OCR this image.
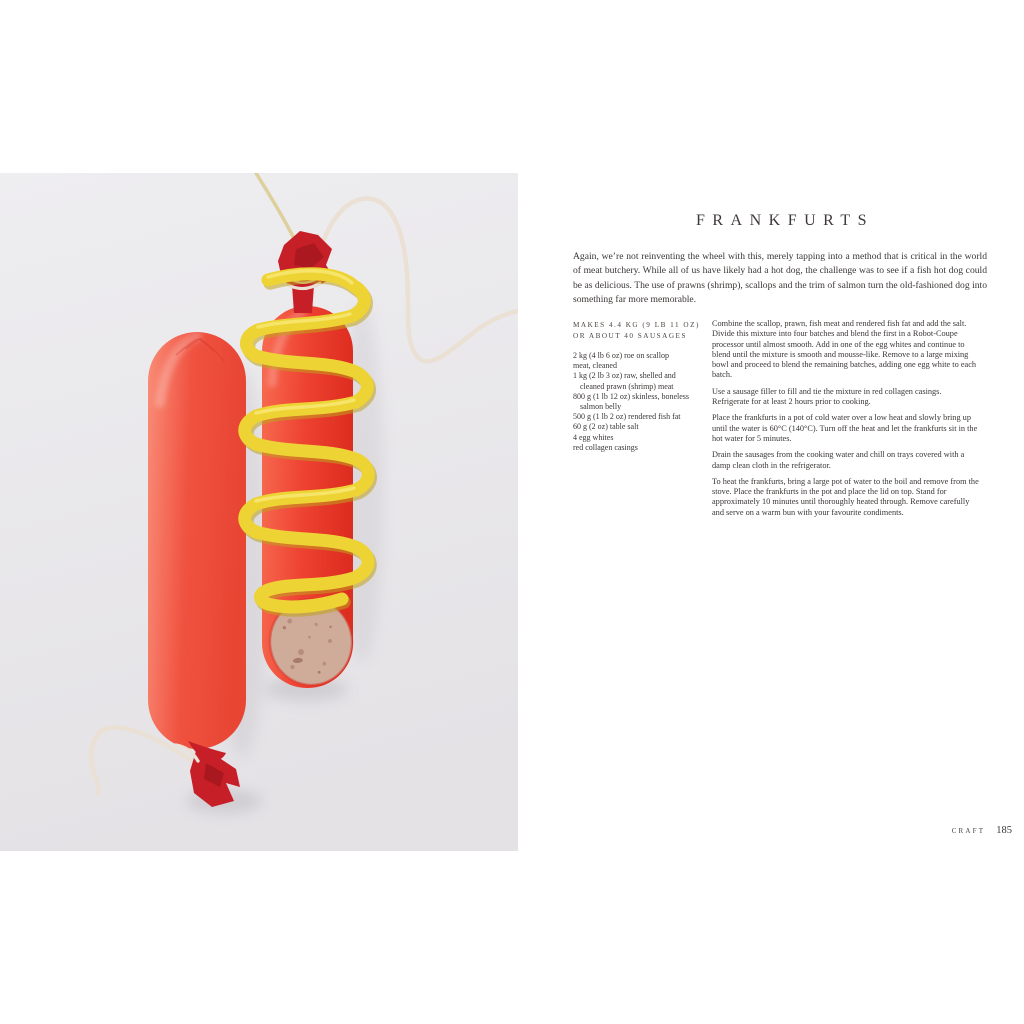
FRANKFURTS
Again, we’re not reinventing the wheel with this, merely tapping into a method that is critical in the world of meat butchery. While all of us have likely had a hot dog, the challenge was to see if a fish hot dog could be as delicious. The use of prawns (shrimp), scallops and the trim of salmon turn the old-fashioned dog into something far more memorable.
MAKES 4.4 KG (9 LB 11 OZ)
OR ABOUT 40 SAUSAGES
2 kg (4 lb 6 oz) roe on scallop
meat, cleaned
1 kg (2 lb 3 oz) raw, shelled and
cleaned prawn (shrimp) meat
800 g (1 lb 12 oz) skinless, boneless
salmon belly
500 g (1 lb 2 oz) rendered fish fat
60 g (2 oz) table salt
4 egg whites
red collagen casings

Combine the scallop, prawn, fish meat and rendered fish fat and add the salt. Divide this mixture into four batches and blend the first in a Robot-Coupe processor until almost smooth. Add in one of the egg whites and continue to blend until the mixture is smooth and mousse-like. Remove to a large mixing bowl and proceed to blend the remaining batches, adding one egg white to each batch.

Use a sausage filler to fill and tie the mixture in red collagen casings. Refrigerate for at least 2 hours prior to cooking.

Place the frankfurts in a pot of cold water over a low heat and slowly bring up until the water is 60°C (140°C). Turn off the heat and let the frankfurts sit in the hot water for 5 minutes.

Drain the sausages from the cooking water and chill on trays covered with a damp clean cloth in the refrigerator.

To heat the frankfurts, bring a large pot of water to the boil and remove from the stove. Place the frankfurts in the pot and place the lid on top. Stand for approximately 10 minutes until thoroughly heated through. Remove carefully and serve on a warm bun with your favourite condiments.

CRAFT 185
